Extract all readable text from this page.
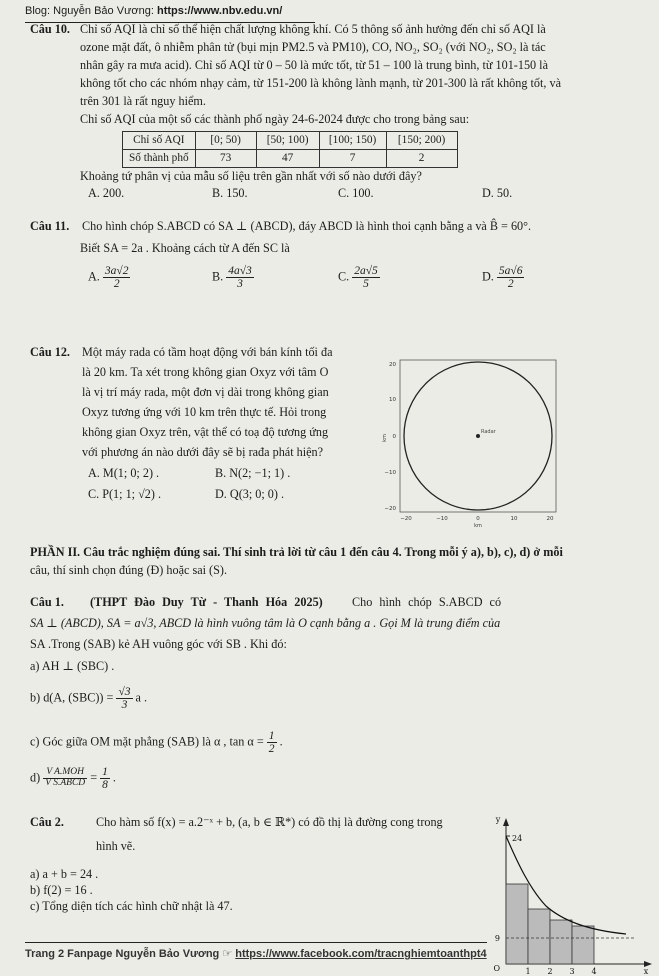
Blog: Nguyễn Bảo Vương: https://www.nbv.edu.vn/
Câu 10. Chỉ số AQI là chỉ số thể hiện chất lượng không khí. Có 5 thông số ảnh hưởng đến chỉ số AQI là
ozone mặt đất, ô nhiễm phân tử (bụi mịn PM2.5 và PM10), CO, NO₂, SO₂ (với NO₂, SO₂ là tác
nhân gây ra mưa acid). Chỉ số AQI từ 0 – 50 là mức tốt, từ 51 – 100 là trung bình, từ 101-150 là
không tốt cho các nhóm nhạy cảm, từ 151-200 là không lành mạnh, từ 201-300 là rất không tốt, và
trên 301 là rất nguy hiểm.
Chỉ số AQI của một số các thành phố ngày 24-6-2024 được cho trong bảng sau:
Chỉ số AQI	[0; 50)	[50; 100)	[100; 150)	[150; 200)
Số thành phố	73	47	7	2
Khoảng tứ phân vị của mẫu số liệu trên gần nhất với số nào dưới đây?
A. 200.	B. 150.	C. 100.	D. 50.
Câu 11. Cho hình chóp S.ABCD có SA ⊥ (ABCD), đáy ABCD là hình thoi cạnh bằng a và B̂ = 60°.
Biết SA = 2a . Khoảng cách từ A đến SC là
A. $\frac{3a√2}{2}$	B. $\frac{4a√3}{3}$	C. $\frac{2a√5}{5}$	D. $\frac{5a√6}{2}$
Câu 12. Một máy rada có tầm hoạt động với bán kính tối đa
là 20 km. Ta xét trong không gian Oxyz với tâm O
là vị trí máy rada, một đơn vị dài trong không gian
Oxyz tương ứng với 10 km trên thực tế. Hỏi trong
không gian Oxyz trên, vật thể có toạ độ tương ứng
với phương án nào dưới đây sẽ bị rađa phát hiện?
A. M(1; 0; 2) .	B. N(2; −1; 1) .
C. P(1; 1; √2) .	D. Q(3; 0; 0) .
Radar
20
10
0
−10
−20
−20	−10	0	10	20
km
km
PHẦN II. Câu trắc nghiệm đúng sai. Thí sinh trả lời từ câu 1 đến câu 4. Trong mỗi ý a), b), c), d) ở mỗi
câu, thí sinh chọn đúng (Đ) hoặc sai (S).
Câu 1. (THPT Đào Duy Từ - Thanh Hóa 2025) Cho hình chóp S.ABCD có
SA ⊥ (ABCD), SA = a√3, ABCD là hình vuông tâm là O cạnh bằng a . Gọi M là trung điểm của
SA .Trong (SAB) kẻ AH vuông góc với SB . Khi đó:
a) AH ⊥ (SBC) .
b) d(A, $(SBC)) = \frac{√3}{3}$ a .
c) Góc giữa OM mặt phẳng (SAB) là α , $\tan \alpha = \frac{1}{2}$ .
$d) \frac{\text{V A.MOH}}{\text{V S.ABCD}} = \frac{1}{8}$ .
Câu 2.	Cho hàm số f(x) = a.2⁻ˣ + b, (a, b ∈ ℝ*) có đồ thị là đường cong trong
hình vẽ.
a) a + b = 24 .
b) f(2) = 16 .
c) Tổng diện tích các hình chữ nhật là 47.
y
24
9
O	1 2 3 4	x
Trang 2 Fanpage Nguyễn Bảo Vương ☞ https://www.facebook.com/tracnghiemtoanthpt4
